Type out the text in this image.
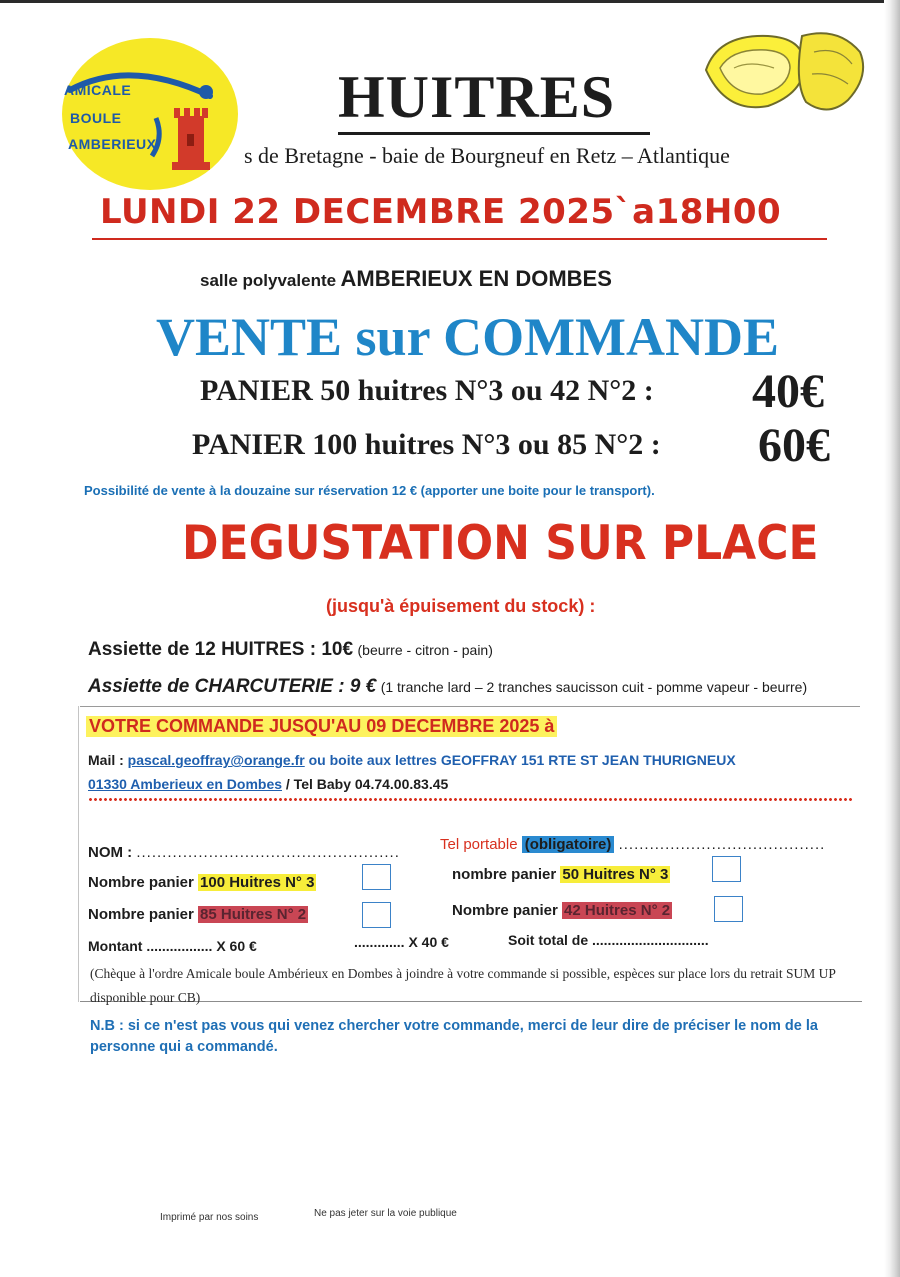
AMICALE
BOULE
AMBERIEUX
HUITRES
s de Bretagne - baie de Bourgneuf en Retz – Atlantique
LUNDI 22 DECEMBRE 2025`a18H00
salle polyvalente AMBERIEUX EN DOMBES
VENTE sur COMMANDE
PANIER 50 huitres N°3 ou 42 N°2 : 40€
PANIER 100 huitres N°3 ou 85 N°2 : 60€
Possibilité de vente à la douzaine sur réservation 12 € (apporter une boite pour le transport).
DEGUSTATION SUR PLACE
(jusqu'à épuisement du stock) :
Assiette de 12 HUITRES : 10€ (beurre - citron - pain)
Assiette de CHARCUTERIE : 9 € (1 tranche lard – 2 tranches saucisson cuit - pomme vapeur - beurre)
VOTRE COMMANDE JUSQU'AU 09 DECEMBRE 2025 à
Mail : pascal.geoffray@orange.fr ou boite aux lettres GEOFFRAY 151 RTE ST JEAN THURIGNEUX
01330 Amberieux en Dombes / Tel Baby 04.74.00.83.45
NOM : ...................................................	Tel portable (obligatoire) ........................................
Nombre panier 100 Huitres N° 3	nombre panier 50 Huitres N° 3
Nombre panier 85 Huitres N° 2	Nombre panier 42 Huitres N° 2
Montant ................. X 60 €	............. X 40 €	Soit total de ..............................
(Chèque à l'ordre Amicale boule Ambérieux en Dombes à joindre à votre commande si possible, espèces sur place lors du retrait SUM UP disponible pour CB)
N.B : si ce n'est pas vous qui venez chercher votre commande, merci de leur dire de préciser le nom de la personne qui a commandé.
Imprimé par nos soins	Ne pas jeter sur la voie publique
